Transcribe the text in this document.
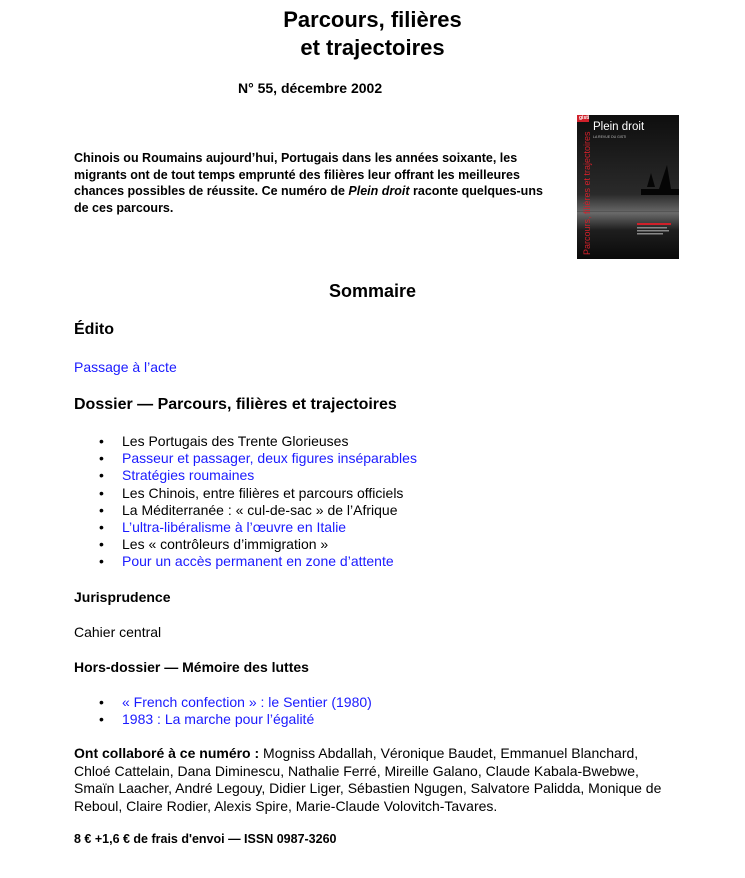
Parcours, filières
et trajectoires
N° 55, décembre 2002
Chinois ou Roumains aujourd’hui, Portugais dans les années soixante, les migrants ont de tout temps emprunté des filières leur offrant les meilleures chances possibles de réussite. Ce numéro de Plein droit raconte quelques-uns de ces parcours.	Parcours, filières et trajectoires
gisti
Plein droit
LA REVUE DU GISTI
Sommaire
Édito
Passage à l’acte
Dossier — Parcours, filières et trajectoires
• Les Portugais des Trente Glorieuses
• Passeur et passager, deux figures inséparables
• Stratégies roumaines
• Les Chinois, entre filières et parcours officiels
• La Méditerranée : « cul-de-sac » de l’Afrique
• L’ultra-libéralisme à l’œuvre en Italie
• Les « contrôleurs d’immigration »
• Pour un accès permanent en zone d’attente
Jurisprudence
Cahier central
Hors-dossier — Mémoire des luttes
• « French confection » : le Sentier (1980)
• 1983 : La marche pour l’égalité
Ont collaboré à ce numéro : Mogniss Abdallah, Véronique Baudet, Emmanuel Blanchard, Chloé Cattelain, Dana Diminescu, Nathalie Ferré, Mireille Galano, Claude Kabala-Bwebwe, Smaïn Laacher, André Legouy, Didier Liger, Sébastien Ngugen, Salvatore Palidda, Monique de Reboul, Claire Rodier, Alexis Spire, Marie-Claude Volovitch-Tavares.
8 € +1,6 € de frais d'envoi — ISSN 0987-3260
